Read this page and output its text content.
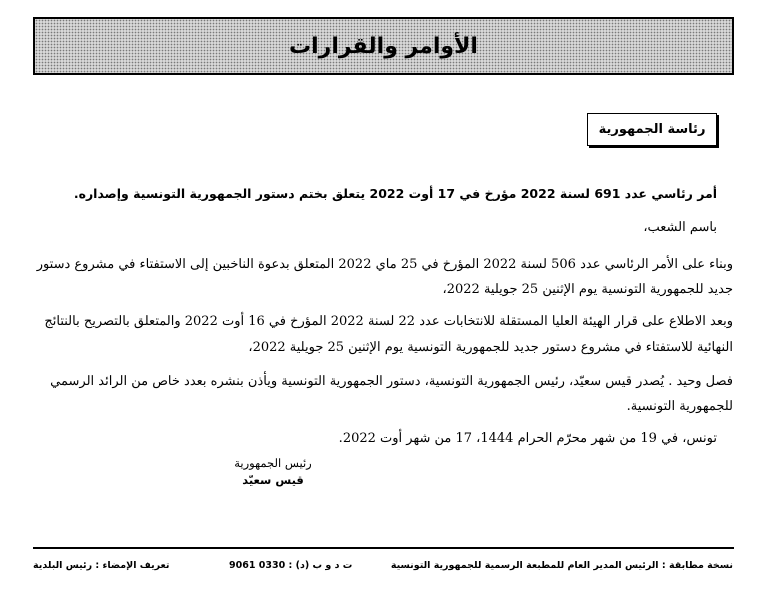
الأوامر والقرارات
رئاسة الجمهورية
أمر رئاسي عدد 691 لسنة 2022 مؤرخ في 17 أوت 2022 يتعلق بختم دستور الجمهورية التونسية وإصداره.
باسم الشعب،
وبناء على الأمر الرئاسي عدد 506 لسنة 2022 المؤرخ في 25 ماي 2022 المتعلق بدعوة الناخبين إلى الاستفتاء في مشروع دستور
جديد للجمهورية التونسية يوم الإثنين 25 جويلية 2022،
وبعد الاطلاع على قرار الهيئة العليا المستقلة للانتخابات عدد 22 لسنة 2022 المؤرخ في 16 أوت 2022 والمتعلق بالتصريح بالنتائج
النهائية للاستفتاء في مشروع دستور جديد للجمهورية التونسية يوم الإثنين 25 جويلية 2022،
فصل وحيد . يُصدر قيس سعيّد، رئيس الجمهورية التونسية، دستور الجمهورية التونسية ويأذن بنشره بعدد خاص من الرائد الرسمي
للجمهورية التونسية.
تونس، في 19 من شهر محرّم الحرام 1444، 17 من شهر أوت 2022.
رئيس الجمهورية
قيس سعيّد
نسخة مطابقة : الرئيس المدير العام للمطبعة الرسمية للجمهورية التونسية
ت د و ب (د) : 0330 9061
تعريف الإمضاء : رئيس البلدية
